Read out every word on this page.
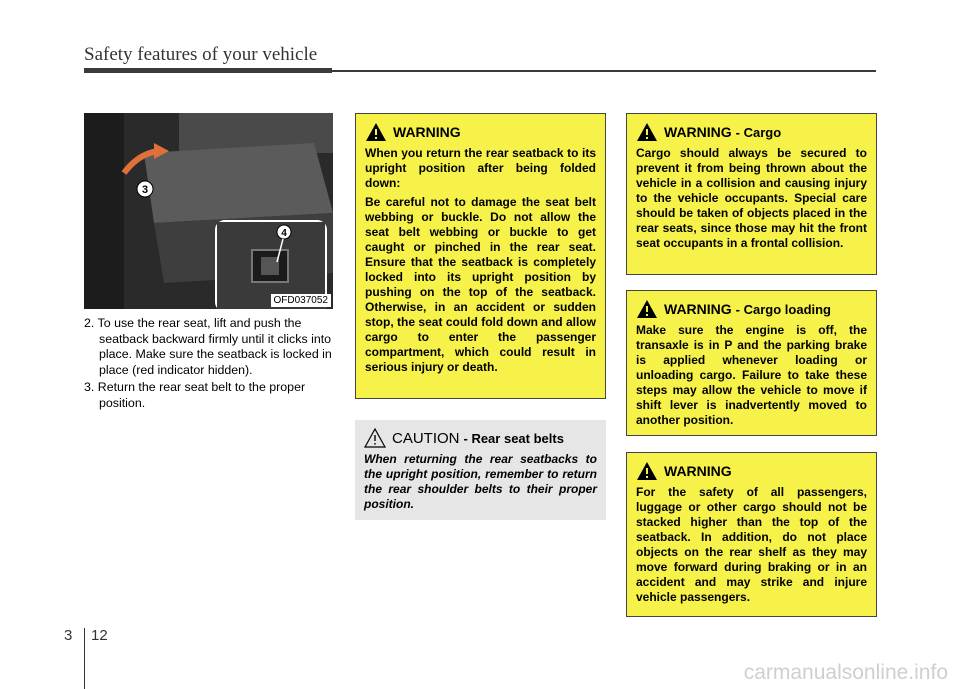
Safety features of your vehicle
3
4
OFD037052
2. To use the rear seat, lift and push the seatback backward firmly until it clicks into place. Make sure the seatback is locked in place (red indicator hidden).
3. Return the rear seat belt to the proper position.
WARNING

When you return the rear seatback to its upright position after being folded down:

Be careful not to damage the seat belt webbing or buckle. Do not allow the seat belt webbing or buckle to get caught or pinched in the rear seat. Ensure that the seatback is completely locked into its upright position by pushing on the top of the seatback. Otherwise, in an accident or sudden stop, the seat could fold down and allow cargo to enter the passenger compartment, which could result in serious injury or death.

CAUTION - Rear seat belts
When returning the rear seatbacks to the upright position, remember to return the rear shoulder belts to their proper position.
WARNING - Cargo
Cargo should always be secured to prevent it from being thrown about the vehicle in a collision and causing injury to the vehicle occupants. Special care should be taken of objects placed in the rear seats, since those may hit the front seat occupants in a frontal collision.
WARNING - Cargo loading
Make sure the engine is off, the transaxle is in P and the parking brake is applied whenever loading or unloading cargo. Failure to take these steps may allow the vehicle to move if shift lever is inadvertently moved to another position.
WARNING
For the safety of all passengers, luggage or other cargo should not be stacked higher than the top of the seatback. In addition, do not place objects on the rear shelf as they may move forward during braking or in an accident and may strike and injure vehicle passengers.
3 12
carmanualsonline.info
